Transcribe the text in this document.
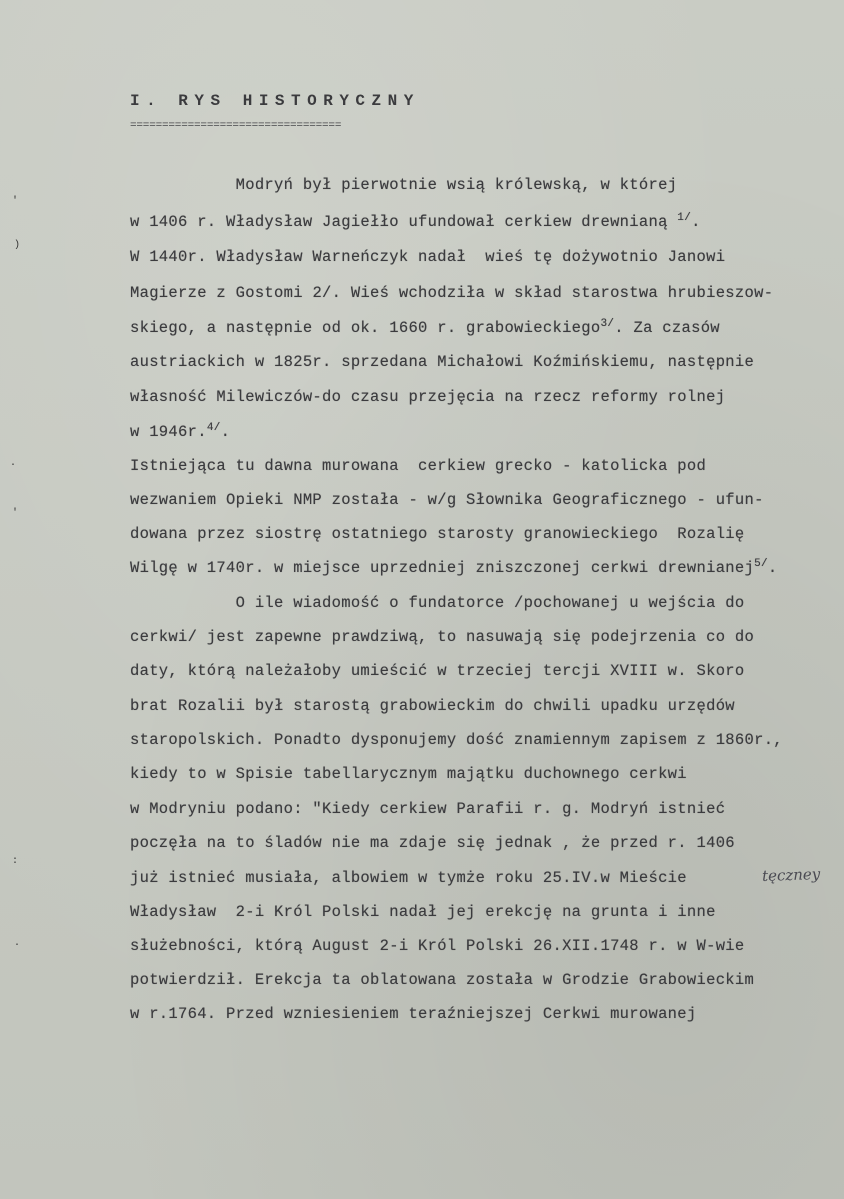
I. RYS HISTORYCZNY
=================================
Modryń był pierwotnie wsią królewską, w której
w 1406 r. Władysław Jagiełło ufundował cerkiew drewnianą $^{1/}$.
W 1440r. Władysław Warneńczyk nadał  wieś tę dożywotnio Janowi
Magierze z Gostomi 2/. Wieś wchodziła w skład starostwa hrubieszow-
skiego, a następnie od ok. 1660 r. grabowieckiego$^{3/}$. Za czasów
austriackich w 1825r. sprzedana Michałowi Koźmińskiemu, następnie
własność Milewiczów-do czasu przejęcia na rzecz reformy rolnej
w 1946r.$^{4/}$.
Istniejąca tu dawna murowana  cerkiew grecko - katolicka pod
wezwaniem Opieki NMP została - w/g Słownika Geograficznego - ufun-
dowana przez siostrę ostatniego starosty granowieckiego  Rozalię
Wilgę w 1740r. w miejsce uprzedniej zniszczonej cerkwi drewnianej$^{5/}$.
O ile wiadomość o fundatorce /pochowanej u wejścia do
cerkwi/ jest zapewne prawdziwą, to nasuwają się podejrzenia co do
daty, którą należałoby umieścić w trzeciej tercji XVIII w. Skoro
brat Rozalii był starostą grabowieckim do chwili upadku urzędów
staropolskich. Ponadto dysponujemy dość znamiennym zapisem z 1860r.,
kiedy to w Spisie tabellarycznym majątku duchownego cerkwi
w Modryniu podano: "Kiedy cerkiew Parafii r. g. Modryń istnieć
poczęła na to śladów nie ma zdaje się jednak , że przed r. 1406
już istnieć musiała, albowiem w tymże roku 25.IV.w Mieście
Władysław  2-i Król Polski nadał jej erekcję na grunta i inne
służebności, którą August 2-i Król Polski 26.XII.1748 r. w W-wie
potwierdził. Erekcja ta oblatowana została w Grodzie Grabowieckim
w r.1764. Przed wzniesieniem teraźniejszej Cerkwi murowanej
tęczney
'
)
·
'
:
·
